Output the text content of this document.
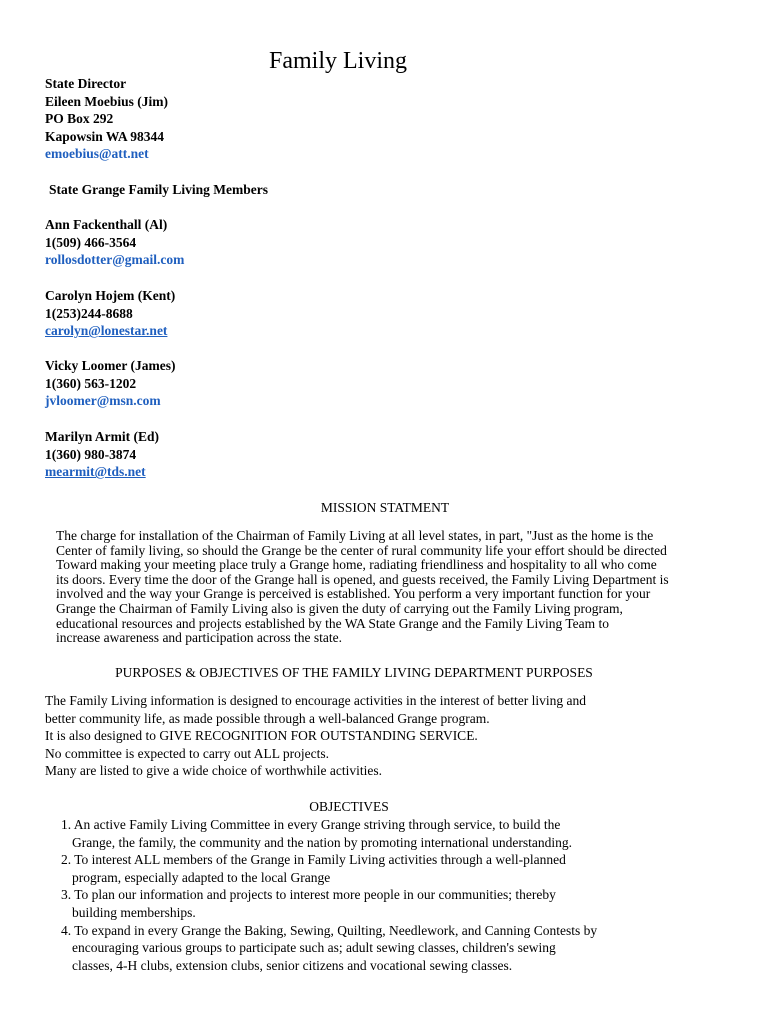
Family Living
State Director
Eileen Moebius (Jim)
PO Box 292
Kapowsin WA 98344
emoebius@att.net
State Grange Family Living Members
Ann Fackenthall (Al)
1(509) 466-3564
rollosdotter@gmail.com
Carolyn Hojem (Kent)
1(253)244-8688
carolyn@lonestar.net
Vicky Loomer (James)
1(360) 563-1202
jvloomer@msn.com
Marilyn Armit (Ed)
1(360) 980-3874
mearmit@tds.net
MISSION STATMENT
The charge for installation of the Chairman of Family Living at all level states, in part, "Just as the home is the
Center of family living, so should the Grange be the center of rural community life your effort should be directed
Toward making your meeting place truly a Grange home, radiating friendliness and hospitality to all who come
its doors. Every time the door of the Grange hall is opened, and guests received, the Family Living Department is
involved and the way your Grange is perceived is established. You perform a very important function for your
Grange the Chairman of Family Living also is given the duty of carrying out the Family Living program,
educational resources and projects established by the WA State Grange and the Family Living Team to
increase awareness and participation across the state.
PURPOSES & OBJECTIVES OF THE FAMILY LIVING DEPARTMENT PURPOSES
The Family Living information is designed to encourage activities in the interest of better living and
better community life, as made possible through a well-balanced Grange program.
It is also designed to GIVE RECOGNITION FOR OUTSTANDING SERVICE.
No committee is expected to carry out ALL projects.
Many are listed to give a wide choice of worthwhile activities.
OBJECTIVES
1. An active Family Living Committee in every Grange striving through service, to build the
Grange, the family, the community and the nation by promoting international understanding.
2. To interest ALL members of the Grange in Family Living activities through a well-planned
program, especially adapted to the local Grange
3. To plan our information and projects to interest more people in our communities; thereby
building memberships.
4. To expand in every Grange the Baking, Sewing, Quilting, Needlework, and Canning Contests by
encouraging various groups to participate such as; adult sewing classes, children's sewing
classes, 4-H clubs, extension clubs, senior citizens and vocational sewing classes.
